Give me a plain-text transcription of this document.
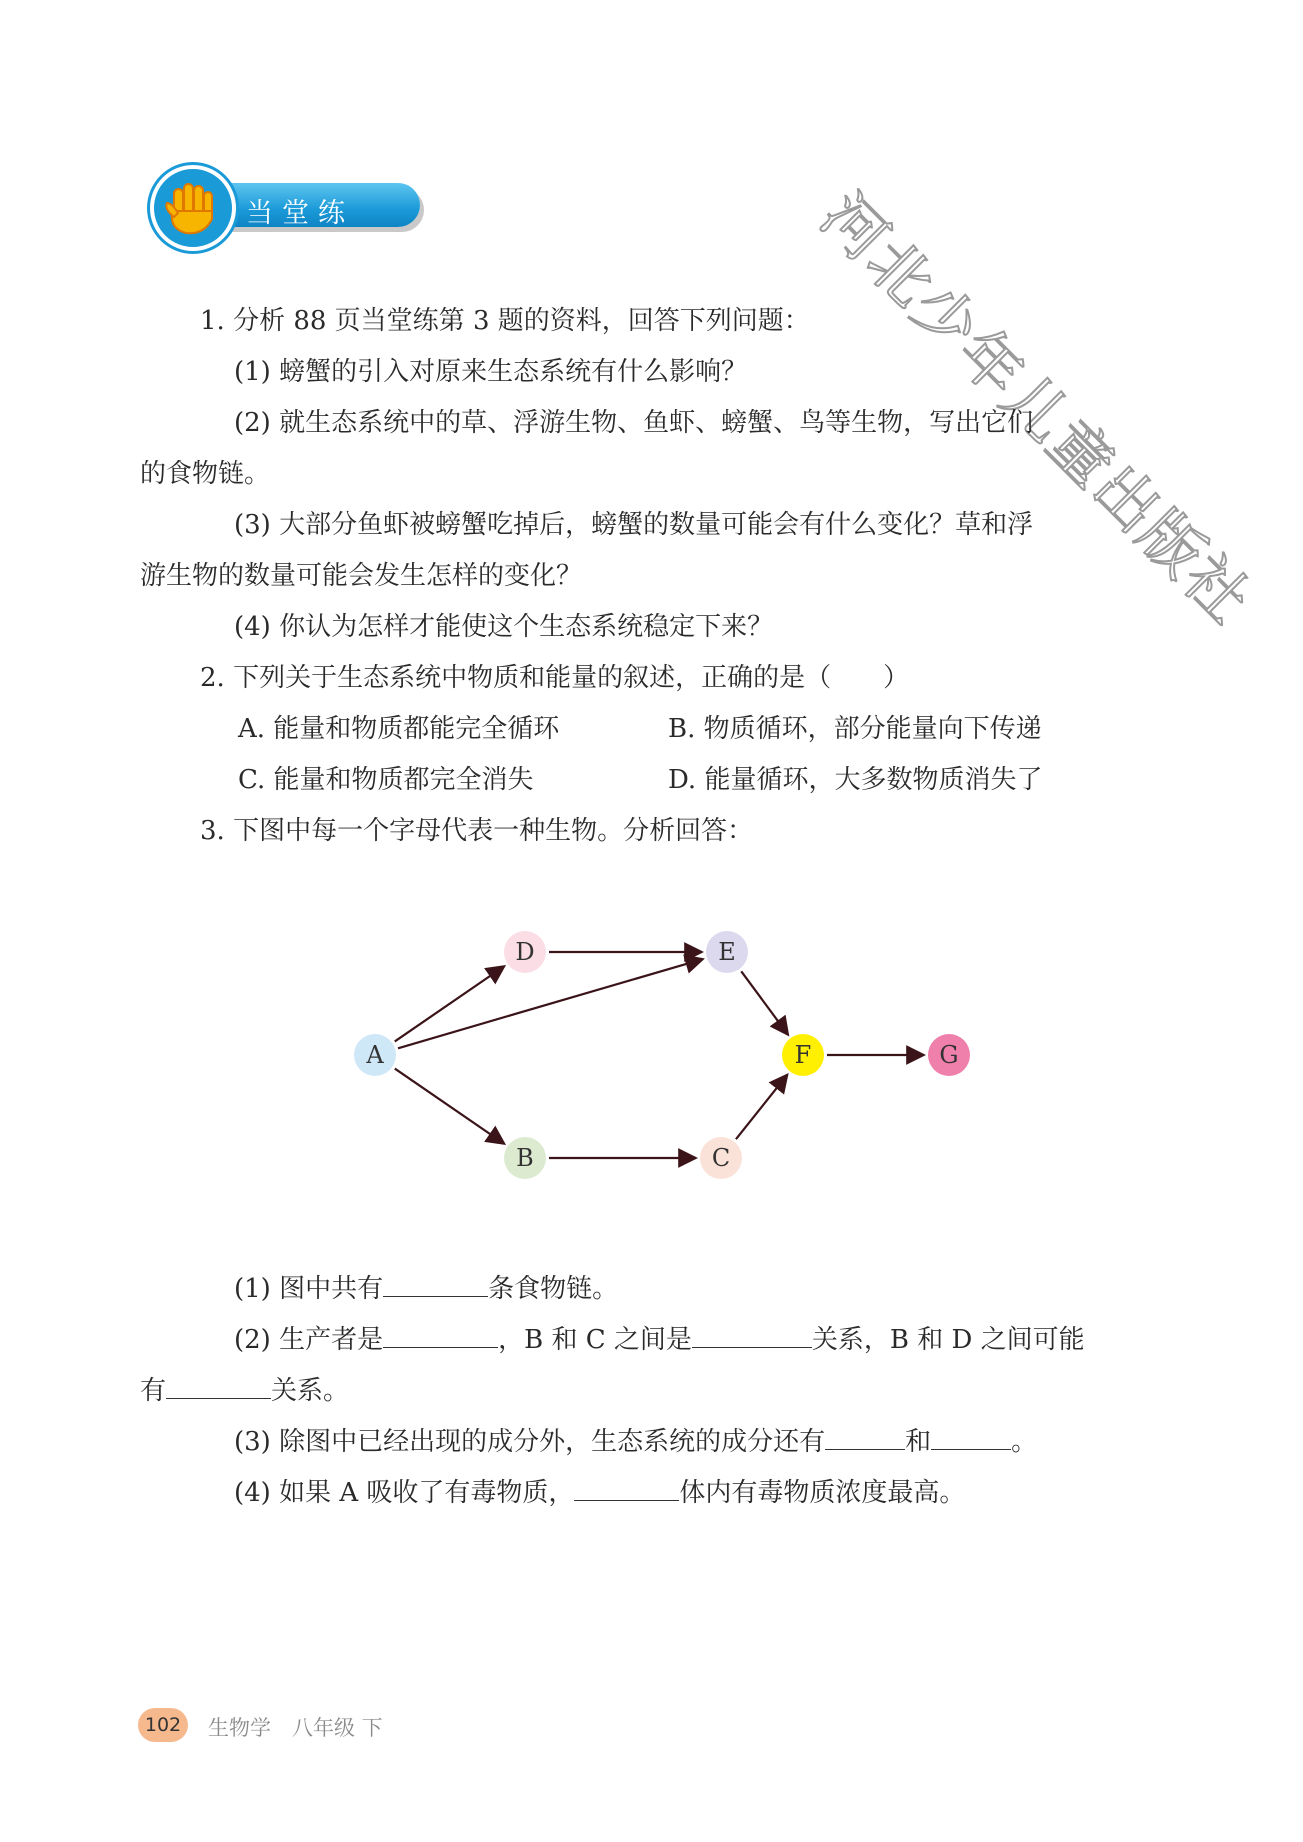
河北少年儿童出版社
当堂练
1. 分析 88 页当堂练第 3 题的资料，回答下列问题：
(1) 螃蟹的引入对原来生态系统有什么影响？
(2) 就生态系统中的草、浮游生物、鱼虾、螃蟹、鸟等生物，写出它们
的食物链。
(3) 大部分鱼虾被螃蟹吃掉后，螃蟹的数量可能会有什么变化？草和浮
游生物的数量可能会发生怎样的变化？
(4) 你认为怎样才能使这个生态系统稳定下来？
2. 下列关于生态系统中物质和能量的叙述，正确的是（　　）
A. 能量和物质都能完全循环	B. 物质循环，部分能量向下传递
C. 能量和物质都完全消失	D. 能量循环，大多数物质消失了
3. 下图中每一个字母代表一种生物。分析回答：
A
D	E
B	C
F	G
(1) 图中共有	条食物链。
(2) 生产者是	，B 和 C 之间是	关系，B 和 D 之间可能
有	关系。
(3) 除图中已经出现的成分外，生态系统的成分还有	和	。
(4) 如果 A 吸收了有毒物质，	体内有毒物质浓度最高。
102	生物学　八年级 下
